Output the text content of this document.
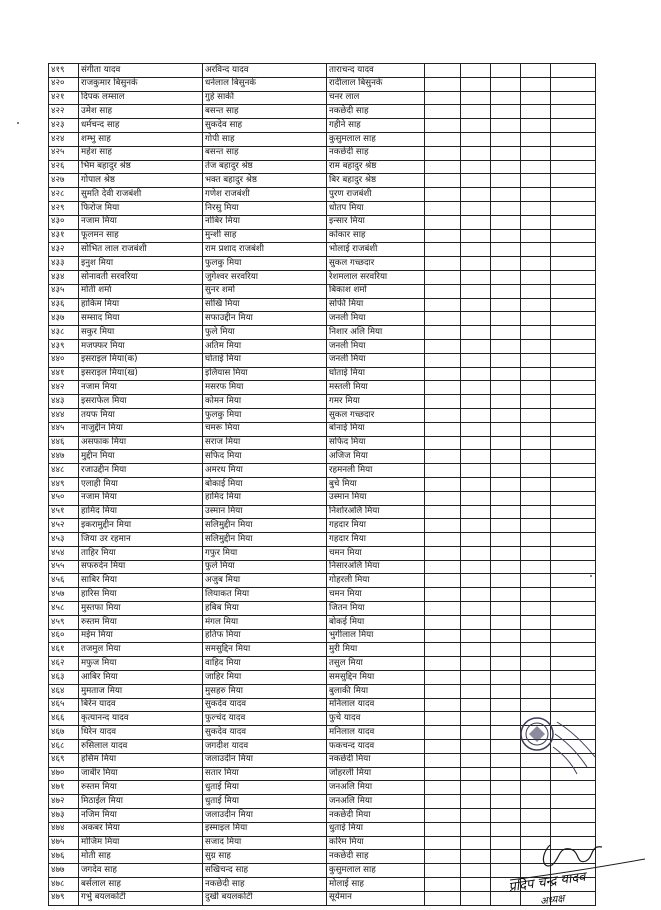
४१९	संगीता यादव	अरविन्द यादव	ताराचन्द यादव					
४२०	राजकुमार बिसुनके	धनेलाल बिसुनके	रादीलाल बिसुनके					
४२१	दिपक लम्साल	गुहे साकी	चनर लाल					
४२२	उमेश साह	बसन्त साह	नकछेदी साह					
४२३	धर्मचन्द साह	सुकदेव साह	गहीने साह					
४२४	शम्भु साह	गोपी साह	कुसुमलाल साह					
४२५	महेश साह	बसन्त साह	नकछेदी साह					
४२६	भिम बहादुर श्रेष्ठ	तेज बहादुर श्रेष्ठ	राम बहादुर श्रेष्ठ					
४२७	गोपाल श्रेष्ठ	भक्त बहादुर श्रेष्ठ	बिर बहादुर श्रेष्ठ					
४२८	सुमति देवी राजबंशी	गणेश राजबंशी	पुरण राजबंशी					
४२९	फिरोज मिया	निरसु मिया	धोतप मिया					
४३०	नजाम मिया	नोबिर मिया	इन्सार मिया					
४३१	फूलमन साह	मुन्शी साह	कोकार साह					
४३२	सोभित लाल राजबंशी	राम प्रशाद राजबंशी	भोलाई राजबंशी					
४३३	इनुश मिया	फुलकु मिया	सुकल गच्छदार					
४३४	सोनावती सरवरिया	जुगेश्वर सरवरिया	रेशमलाल सरवरिया					
४३५	मोती शर्मा	सुनर शर्मा	बिकाश शर्मा					
४३६	हाकिम मिया	सोखि मिया	सोफी मिया					
४३७	सम्साद मिया	सफाउद्दीन मिया	जनली मिया					
४३८	सकुर मिया	फुले मिया	निशार अलि मिया					
४३९	मजफ्फर मिया	अतिम मिया	जनली मिया					
४४०	इसराइल मिया(क)	घोताई मिया	जनली मिया					
४४१	इसराइल मिया(ख)	इलियास मिया	घोताई मिया					
४४२	नजाम मिया	मसरफ मिया	मस्तली मिया					
४४३	इसराफेल मिया	कोमन मिया	गमर मिया					
४४४	तयफ मिया	फुलकु मिया	सुकल गच्छदार					
४४५	नाजुद्दीन मिया	चमरू मिया	बोनाई मिया					
४४६	असफाक मिया	सराज मिया	सफिद मिया					
४४७	मुद्दीन मिया	सफिद मिया	अजिज मिया					
४४८	रजाउद्दीन मिया	अमरध मिया	रहमनली मिया					
४४९	एलाही मिया	बोकाई मिया	बुचे मिया					
४५०	नजाम मिया	हामिद मिया	उस्मान मिया					
४५१	हामिद मिया	उस्मान मिया	निशोरअलि मिया					
४५२	इकरामुद्दीन मिया	सलिमुद्दीन मिया	गहदार मिया					
४५३	जिया उर रहमान	सलिमुद्दीन मिया	गहदार मिया					
४५४	ताहिर मिया	गफुर मिया	चमन मिया					
४५५	सफरुदेन मिया	फुले मिया	निसारअलि मिया					
४५६	साबिर मिया	अजुब मिया	गोहरली मिया					
४५७	हारिस मिया	लियाकत मिया	चमन मिया					
४५८	मुस्तफा मिया	हबिब मिया	जितन मिया					
४५९	रुस्तम मिया	मंगल मिया	बोकई मिया					
४६०	मईम मिया	हतिफ मिया	भुगीलाल मिया					
४६१	तजमुल मिया	समसुद्दिन मिया	मुरी मिया					
४६२	मफुज मिया	वाहिद मिया	तसुल मिया					
४६३	आबिर मिया	जाहिर मिया	समसुद्दिन मिया					
४६४	मुमताज मिया	मुसहरु मिया	बुलाकी मिया					
४६५	बिरेन यादव	सुकदेव यादव	मनिलाल यादव					
४६६	कृत्यानन्द यादव	फुल्चंद यादव	फुचे यादव					
४६७	धिरेन यादव	सुकदेव यादव	मनिलाल यादव					
४६८	रुसिलाल यादव	जगदीश यादव	फकचन्द यादव					
४६९	हसिम मिया	जलाउदीन मिया	नकछेदी मिया					
४७०	जाबीर मिया	सतार मिया	जोहरली मिया					
४७१	रुस्तम मिया	धुताई मिया	जनअलि मिया					
४७२	मिठाईल मिया	धुताई मिया	जनअलि मिया					
४७३	नजिम मिया	जलाउदीन मिया	नकछेदी मिया					
४७४	अकबर मिया	इस्माइल मिया	धुताई मिया					
४७५	मोजिम मिया	सजाद मिया	करिम मिया					
४७६	मोती साह	सुग्र साह	नकछेदी साह					
४७७	जगदेव साह	सखिचन्द साह	कुसुमलाल साह					
४७८	बर्सलाल साह	नकछेदी साह	मोलाई साह					
४७९	गर्भु बयलकोटी	दुखी बयलकोटी	सूर्यमान					
प्रदिप चन्द्र यादव
अध्यक्ष
